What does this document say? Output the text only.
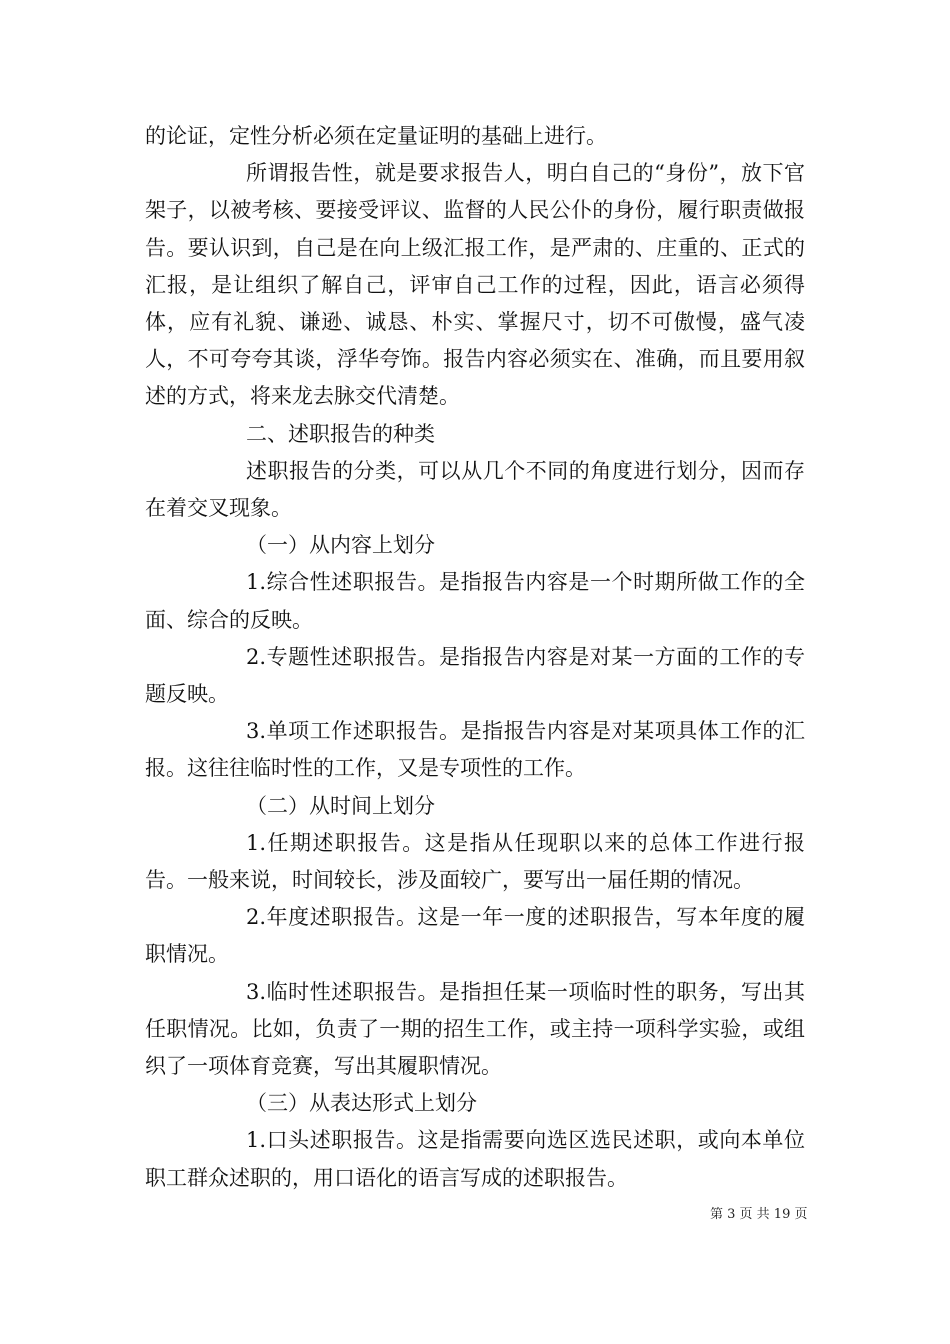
的论证，定性分析必须在定量证明的基础上进行。

所谓报告性，就是要求报告人，明白自己的“身份”，放下官架子，以被考核、要接受评议、监督的人民公仆的身份，履行职责做报告。要认识到，自己是在向上级汇报工作，是严肃的、庄重的、正式的汇报，是让组织了解自己，评审自己工作的过程，因此，语言必须得体，应有礼貌、谦逊、诚恳、朴实、掌握尺寸，切不可傲慢，盛气凌人，不可夸夸其谈，浮华夸饰。报告内容必须实在、准确，而且要用叙述的方式，将来龙去脉交代清楚。

二、述职报告的种类

述职报告的分类，可以从几个不同的角度进行划分，因而存在着交叉现象。

（一）从内容上划分

1.综合性述职报告。是指报告内容是一个时期所做工作的全面、综合的反映。

2.专题性述职报告。是指报告内容是对某一方面的工作的专题反映。

3.单项工作述职报告。是指报告内容是对某项具体工作的汇报。这往往临时性的工作，又是专项性的工作。

（二）从时间上划分

1.任期述职报告。这是指从任现职以来的总体工作进行报告。一般来说，时间较长，涉及面较广，要写出一届任期的情况。

2.年度述职报告。这是一年一度的述职报告，写本年度的履职情况。

3.临时性述职报告。是指担任某一项临时性的职务，写出其任职情况。比如，负责了一期的招生工作，或主持一项科学实验，或组织了一项体育竞赛，写出其履职情况。

（三）从表达形式上划分

1.口头述职报告。这是指需要向选区选民述职，或向本单位职工群众述职的，用口语化的语言写成的述职报告。

第 3 页 共 19 页
